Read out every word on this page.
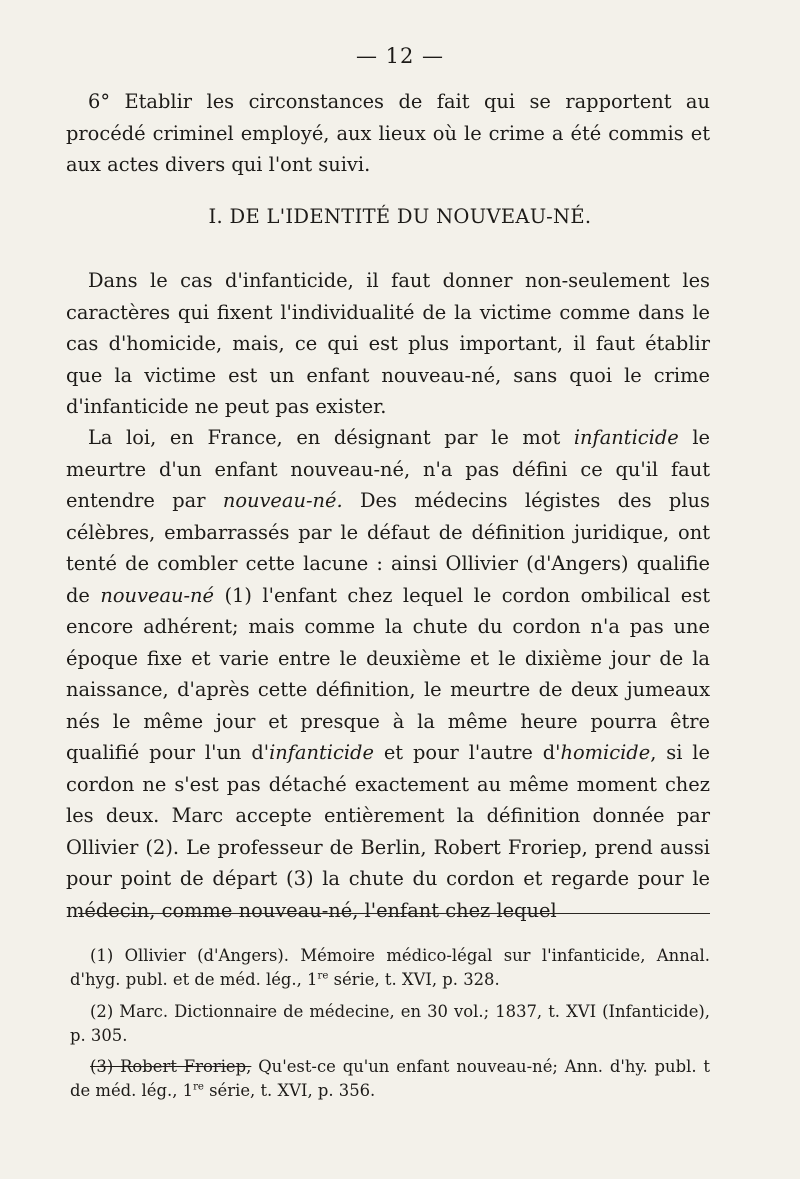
— 12 —
6° Etablir les circonstances de fait qui se rapportent au procédé criminel employé, aux lieux où le crime a été commis et aux actes divers qui l'ont suivi.
I. DE L'IDENTITÉ DU NOUVEAU-NÉ.
Dans le cas d'infanticide, il faut donner non-seulement les caractères qui fixent l'individualité de la victime comme dans le cas d'homicide, mais, ce qui est plus important, il faut établir que la victime est un enfant nouveau-né, sans quoi le crime d'infanticide ne peut pas exister.
La loi, en France, en désignant par le mot infanticide le meurtre d'un enfant nouveau-né, n'a pas défini ce qu'il faut entendre par nouveau-né. Des médecins légistes des plus célèbres, embarrassés par le défaut de définition juridique, ont tenté de combler cette lacune : ainsi Ollivier (d'Angers) qualifie de nouveau-né (1) l'enfant chez lequel le cordon ombilical est encore adhérent; mais comme la chute du cordon n'a pas une époque fixe et varie entre le deuxième et le dixième jour de la naissance, d'après cette définition, le meurtre de deux jumeaux nés le même jour et presque à la même heure pourra être qualifié pour l'un d'infanticide et pour l'autre d'homicide, si le cordon ne s'est pas détaché exactement au même moment chez les deux. Marc accepte entièrement la définition donnée par Ollivier (2). Le professeur de Berlin, Robert Froriep, prend aussi pour point de départ (3) la chute du cordon et regarde pour le médecin, comme nouveau-né, l'enfant chez lequel
(1) Ollivier (d'Angers). Mémoire médico-légal sur l'infanticide, Annal. d'hyg. publ. et de méd. lég., 1re série, t. XVI, p. 328.
(2) Marc. Dictionnaire de médecine, en 30 vol.; 1837, t. XVI (Infanticide), p. 305.
(3) Robert Froriep, Qu'est-ce qu'un enfant nouveau-né; Ann. d'hy. publ. t de méd. lég., 1re série, t. XVI, p. 356.
